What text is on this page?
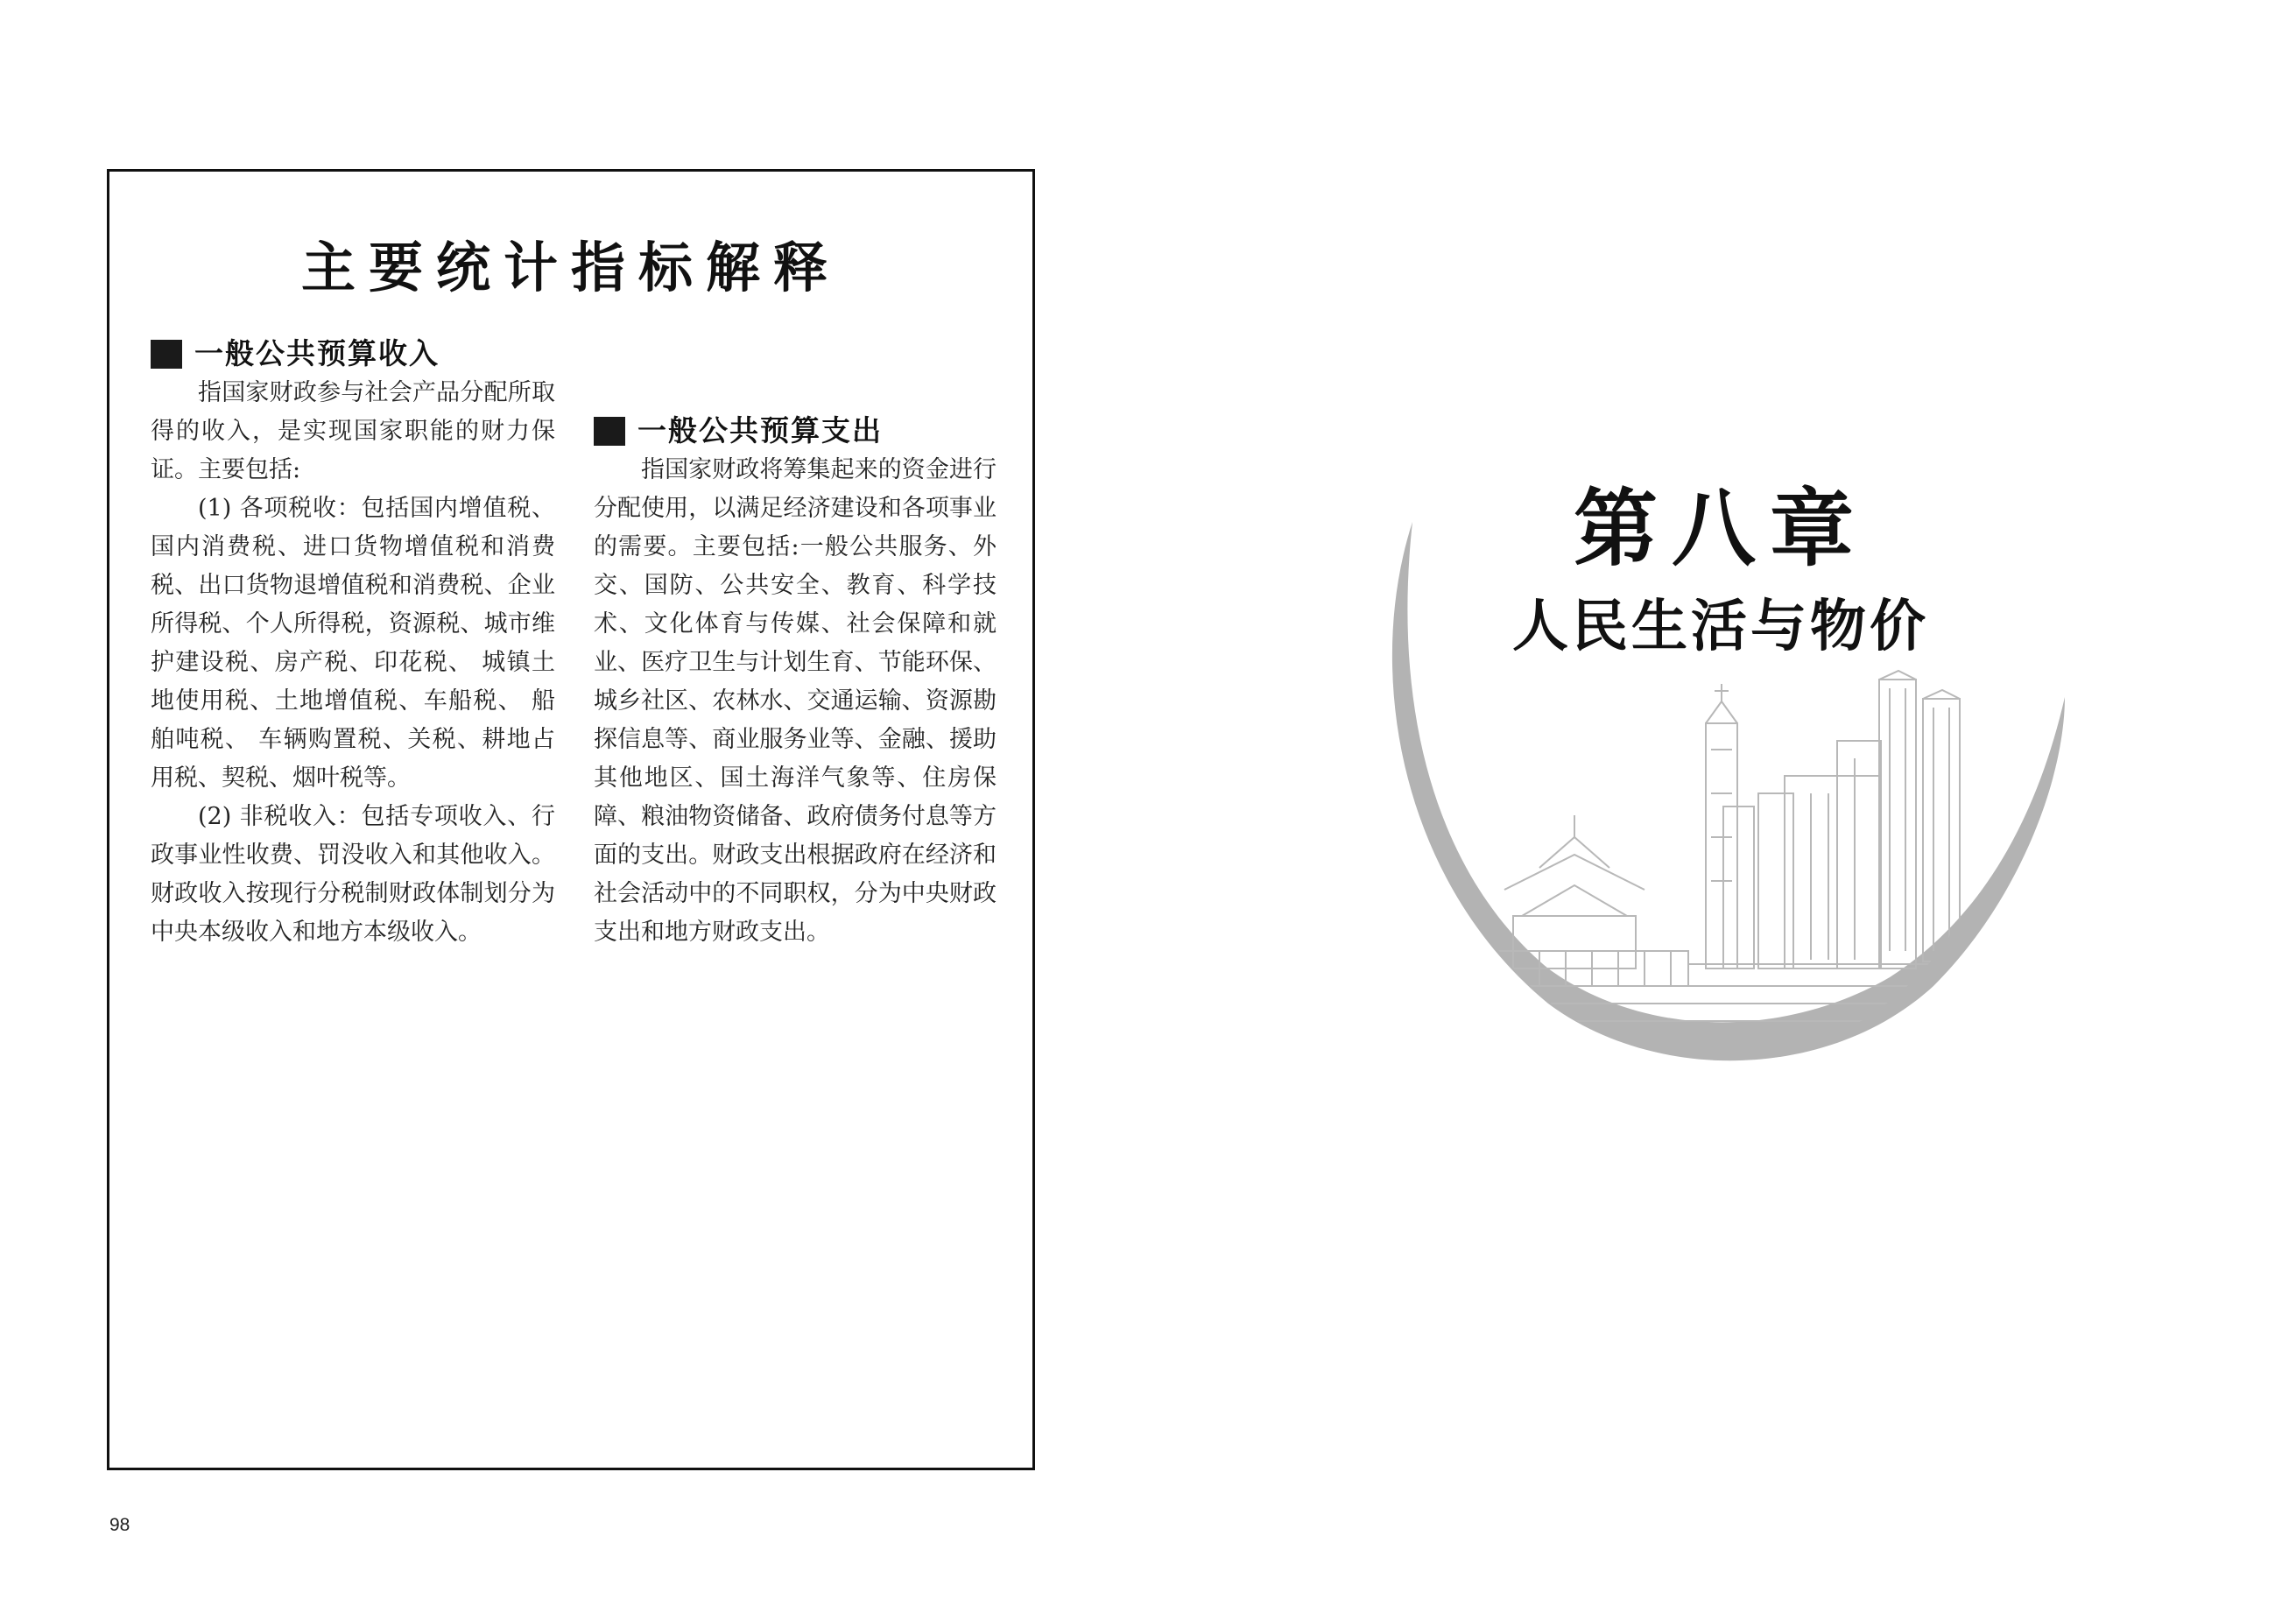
主要统计指标解释
一般公共预算收入

指国家财政参与社会产品分配所取得的收入，是实现国家职能的财力保证。主要包括:

(1) 各项税收：包括国内增值税、国内消费税、进口货物增值税和消费税、出口货物退增值税和消费税、企业所得税、个人所得税，资源税、城市维护建设税、房产税、印花税、 城镇土地使用税、土地增值税、车船税、 船舶吨税、 车辆购置税、关税、耕地占用税、契税、烟叶税等。

(2) 非税收入：包括专项收入、行政事业性收费、罚没收入和其他收入。财政收入按现行分税制财政体制划分为中央本级收入和地方本级收入。

一般公共预算支出

指国家财政将筹集起来的资金进行分配使用，以满足经济建设和各项事业的需要。主要包括:一般公共服务、外交、国防、公共安全、教育、科学技术、文化体育与传媒、社会保障和就业、医疗卫生与计划生育、节能环保、城乡社区、农林水、交通运输、资源勘探信息等、商业服务业等、金融、援助其他地区、国土海洋气象等、住房保障、粮油物资储备、政府债务付息等方面的支出。财政支出根据政府在经济和社会活动中的不同职权，分为中央财政支出和地方财政支出。

98
第八章
人民生活与物价
